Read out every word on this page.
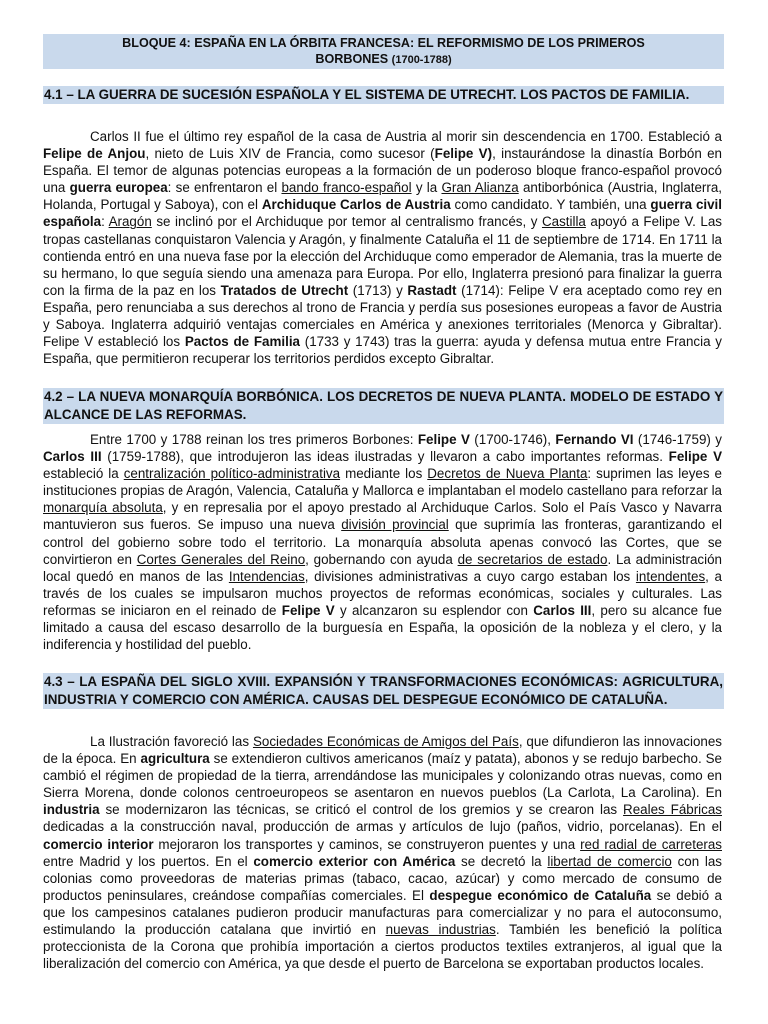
BLOQUE 4: ESPAÑA EN LA ÓRBITA FRANCESA: EL REFORMISMO DE LOS PRIMEROS
BORBONES (1700-1788)
4.1 – LA GUERRA DE SUCESIÓN ESPAÑOLA Y EL SISTEMA DE UTRECHT. LOS PACTOS DE FAMILIA.

Carlos II fue el último rey español de la casa de Austria al morir sin descendencia en 1700. Estableció a Felipe de Anjou, nieto de Luis XIV de Francia, como sucesor (Felipe V), instaurándose la dinastía Borbón en España. El temor de algunas potencias europeas a la formación de un poderoso bloque franco-español provocó una guerra europea: se enfrentaron el bando franco-español y la Gran Alianza antiborbónica (Austria, Inglaterra, Holanda, Portugal y Saboya), con el Archiduque Carlos de Austria como candidato. Y también, una guerra civil española: Aragón se inclinó por el Archiduque por temor al centralismo francés, y Castilla apoyó a Felipe V. Las tropas castellanas conquistaron Valencia y Aragón, y finalmente Cataluña el 11 de septiembre de 1714. En 1711 la contienda entró en una nueva fase por la elección del Archiduque como emperador de Alemania, tras la muerte de su hermano, lo que seguía siendo una amenaza para Europa. Por ello, Inglaterra presionó para finalizar la guerra con la firma de la paz en los Tratados de Utrecht (1713) y Rastadt (1714): Felipe V era aceptado como rey en España, pero renunciaba a sus derechos al trono de Francia y perdía sus posesiones europeas a favor de Austria y Saboya. Inglaterra adquirió ventajas comerciales en América y anexiones territoriales (Menorca y Gibraltar). Felipe V estableció los Pactos de Familia (1733 y 1743) tras la guerra: ayuda y defensa mutua entre Francia y España, que permitieron recuperar los territorios perdidos excepto Gibraltar.

4.2 – LA NUEVA MONARQUÍA BORBÓNICA. LOS DECRETOS DE NUEVA PLANTA. MODELO DE ESTADO Y ALCANCE DE LAS REFORMAS.

Entre 1700 y 1788 reinan los tres primeros Borbones: Felipe V (1700-1746), Fernando VI (1746-1759) y Carlos III (1759-1788), que introdujeron las ideas ilustradas y llevaron a cabo importantes reformas. Felipe V estableció la centralización político-administrativa mediante los Decretos de Nueva Planta: suprimen las leyes e instituciones propias de Aragón, Valencia, Cataluña y Mallorca e implantaban el modelo castellano para reforzar la monarquía absoluta, y en represalia por el apoyo prestado al Archiduque Carlos. Solo el País Vasco y Navarra mantuvieron sus fueros. Se impuso una nueva división provincial que suprimía las fronteras, garantizando el control del gobierno sobre todo el territorio. La monarquía absoluta apenas convocó las Cortes, que se convirtieron en Cortes Generales del Reino, gobernando con ayuda de secretarios de estado. La administración local quedó en manos de las Intendencias, divisiones administrativas a cuyo cargo estaban los intendentes, a través de los cuales se impulsaron muchos proyectos de reformas económicas, sociales y culturales. Las reformas se iniciaron en el reinado de Felipe V y alcanzaron su esplendor con Carlos III, pero su alcance fue limitado a causa del escaso desarrollo de la burguesía en España, la oposición de la nobleza y el clero, y la indiferencia y hostilidad del pueblo.

4.3 – LA ESPAÑA DEL SIGLO XVIII. EXPANSIÓN Y TRANSFORMACIONES ECONÓMICAS: AGRICULTURA, INDUSTRIA Y COMERCIO CON AMÉRICA. CAUSAS DEL DESPEGUE ECONÓMICO DE CATALUÑA.

La Ilustración favoreció las Sociedades Económicas de Amigos del País, que difundieron las innovaciones de la época. En agricultura se extendieron cultivos americanos (maíz y patata), abonos y se redujo barbecho. Se cambió el régimen de propiedad de la tierra, arrendándose las municipales y colonizando otras nuevas, como en Sierra Morena, donde colonos centroeuropeos se asentaron en nuevos pueblos (La Carlota, La Carolina). En industria se modernizaron las técnicas, se criticó el control de los gremios y se crearon las Reales Fábricas dedicadas a la construcción naval, producción de armas y artículos de lujo (paños, vidrio, porcelanas). En el comercio interior mejoraron los transportes y caminos, se construyeron puentes y una red radial de carreteras entre Madrid y los puertos. En el comercio exterior con América se decretó la libertad de comercio con las colonias como proveedoras de materias primas (tabaco, cacao, azúcar) y como mercado de consumo de productos peninsulares, creándose compañías comerciales. El despegue económico de Cataluña se debió a que los campesinos catalanes pudieron producir manufacturas para comercializar y no para el autoconsumo, estimulando la producción catalana que invirtió en nuevas industrias. También les benefició la política proteccionista de la Corona que prohibía importación a ciertos productos textiles extranjeros, al igual que la liberalización del comercio con América, ya que desde el puerto de Barcelona se exportaban productos locales.
